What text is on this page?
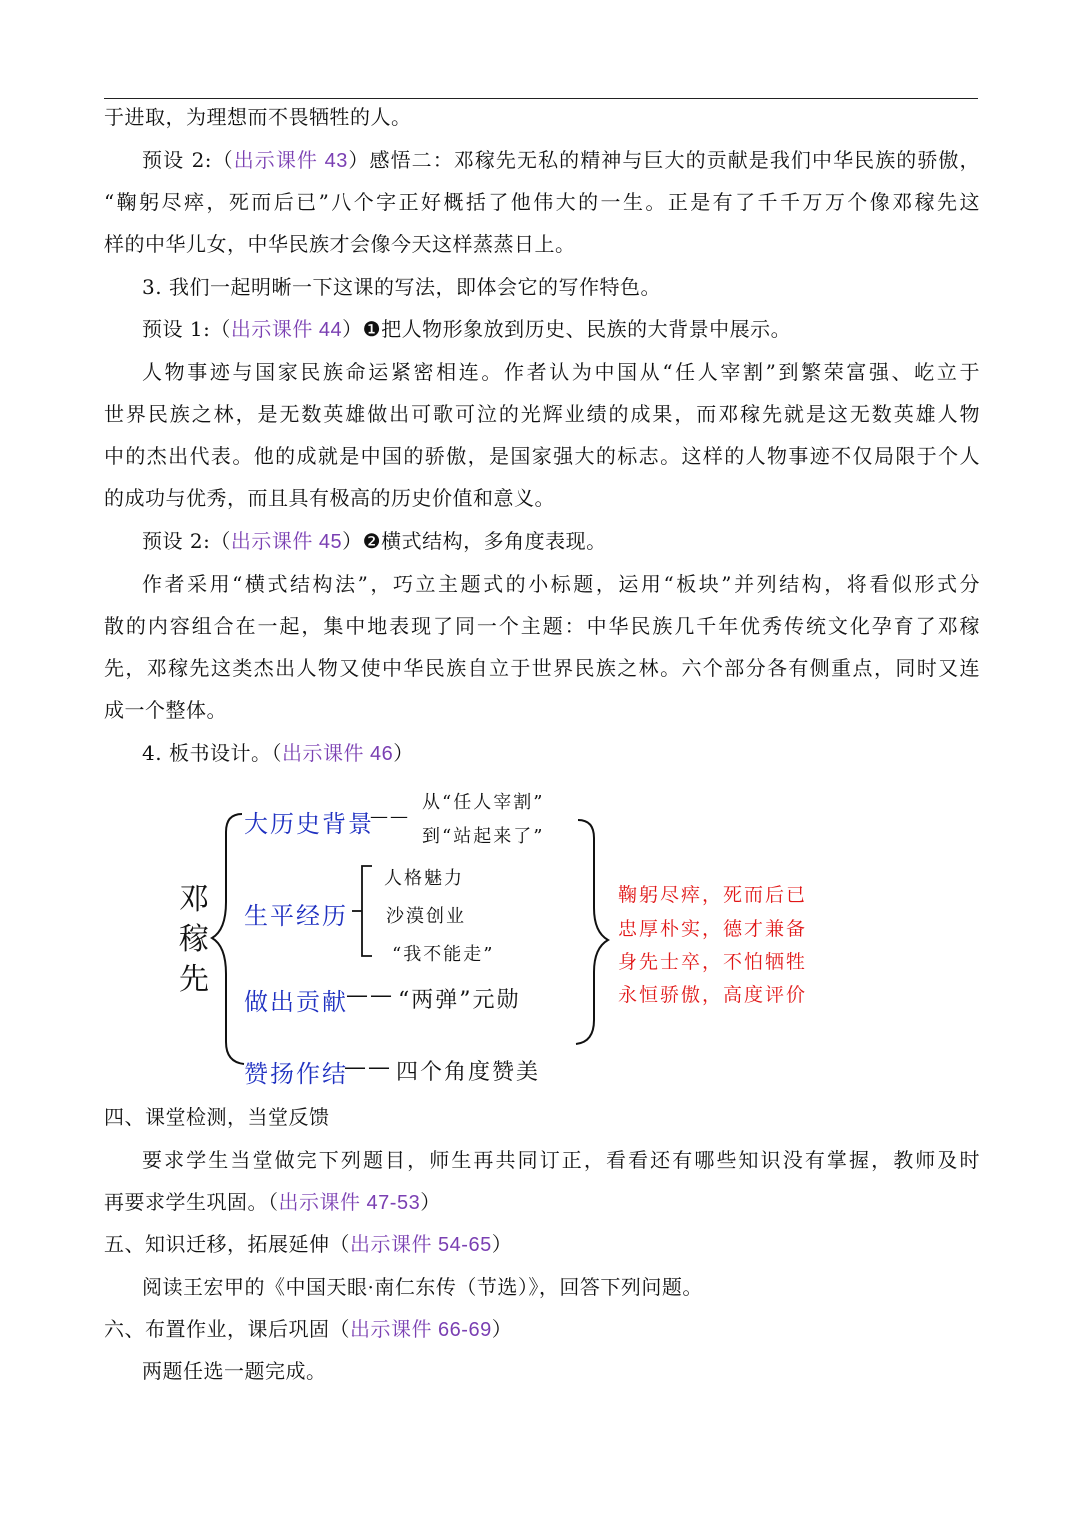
于进取，为理想而不畏牺牲的人。
预设 2:（出示课件 43）感悟二：邓稼先无私的精神与巨大的贡献是我们中华民族的骄傲，
“鞠躬尽瘁，死而后已”八个字正好概括了他伟大的一生。正是有了千千万万个像邓稼先这
样的中华儿女，中华民族才会像今天这样蒸蒸日上。
3. 我们一起明晰一下这课的写法，即体会它的写作特色。
预设 1:（出示课件 44）❶把人物形象放到历史、民族的大背景中展示。
人物事迹与国家民族命运紧密相连。作者认为中国从“任人宰割”到繁荣富强、屹立于
世界民族之林，是无数英雄做出可歌可泣的光辉业绩的成果，而邓稼先就是这无数英雄人物
中的杰出代表。他的成就是中国的骄傲，是国家强大的标志。这样的人物事迹不仅局限于个人
的成功与优秀，而且具有极高的历史价值和意义。
预设 2:（出示课件 45）❷横式结构，多角度表现。
作者采用“横式结构法”，巧立主题式的小标题，运用“板块”并列结构，将看似形式分
散的内容组合在一起，集中地表现了同一个主题：中华民族几千年优秀传统文化孕育了邓稼
先，邓稼先这类杰出人物又使中华民族自立于世界民族之林。六个部分各有侧重点，同时又连
成一个整体。
4. 板书设计。（出示课件 46）
邓
稼
先
大历史背景
——
从“任人宰割”
到“站起来了”
生平经历
人格魅力
沙漠创业
“我不能走”
做出贡献
—— “两弹”元勋
赞扬作结
—— 四个角度赞美
鞠躬尽瘁，死而后已
忠厚朴实，德才兼备
身先士卒，不怕牺牲
永恒骄傲，高度评价
四、课堂检测，当堂反馈
要求学生当堂做完下列题目，师生再共同订正，看看还有哪些知识没有掌握，教师及时
再要求学生巩固。（出示课件 47-53）
五、知识迁移，拓展延伸（出示课件 54-65）
阅读王宏甲的《中国天眼·南仁东传（节选）》，回答下列问题。
六、布置作业，课后巩固（出示课件 66-69）
两题任选一题完成。
